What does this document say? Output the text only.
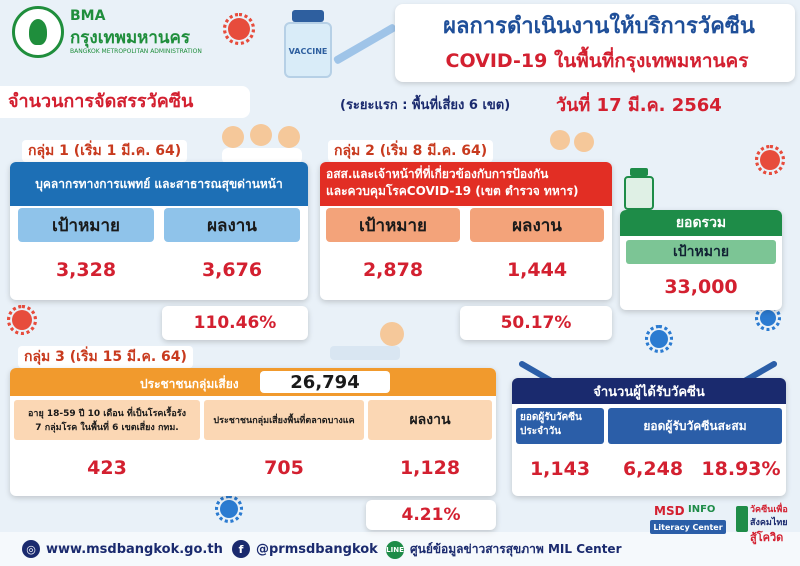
BMA
กรุงเทพมหานคร
BANGKOK METROPOLITAN ADMINISTRATION	VACCINE
ผลการดำเนินงานให้บริการวัคซีน
COVID-19 ในพื้นที่กรุงเทพมหานคร
จำนวนการจัดสรรวัคซีน	(ระยะแรก : พื้นที่เสี่ยง 6 เขต)	วันที่ 17 มี.ค. 2564
กลุ่ม 1 (เริ่ม 1 มี.ค. 64)
บุคลากรทางการแพทย์ และสาธารณสุขด่านหน้า
เป้าหมาย	ผลงาน
3,328	3,676
110.46%
กลุ่ม 2 (เริ่ม 8 มี.ค. 64)
อสส.และเจ้าหน้าที่ที่เกี่ยวข้องกับการป้องกัน
และควบคุมโรคCOVID-19 (เขต ตำรวจ ทหาร)
เป้าหมาย	ผลงาน
2,878	1,444
50.17%
ยอดรวม
เป้าหมาย
33,000
กลุ่ม 3 (เริ่ม 15 มี.ค. 64)
ประชาชนกลุ่มเสี่ยง	26,794
อายุ 18-59 ปี 10 เดือน ที่เป็นโรคเรื้อรัง
7 กลุ่มโรค ในพื้นที่ 6 เขตเสี่ยง กทม.
ประชาชนกลุ่มเสี่ยงพื้นที่ตลาดบางแค	ผลงาน
423	705	1,128
4.21%
จำนวนผู้ได้รับวัคซีน
ยอดผู้รับวัคซีน
ประจำวัน	ยอดผู้รับวัคซีนสะสม
1,143	6,248 18.93%
◎ www.msdbangkok.go.th	f @prmsdbangkok LINE ศูนย์ข้อมูลข่าวสารสุขภาพ MIL Center
MSD INFO
Literacy Center
วัคซีนเพื่อ
สังคมไทย
สู้โควิด
